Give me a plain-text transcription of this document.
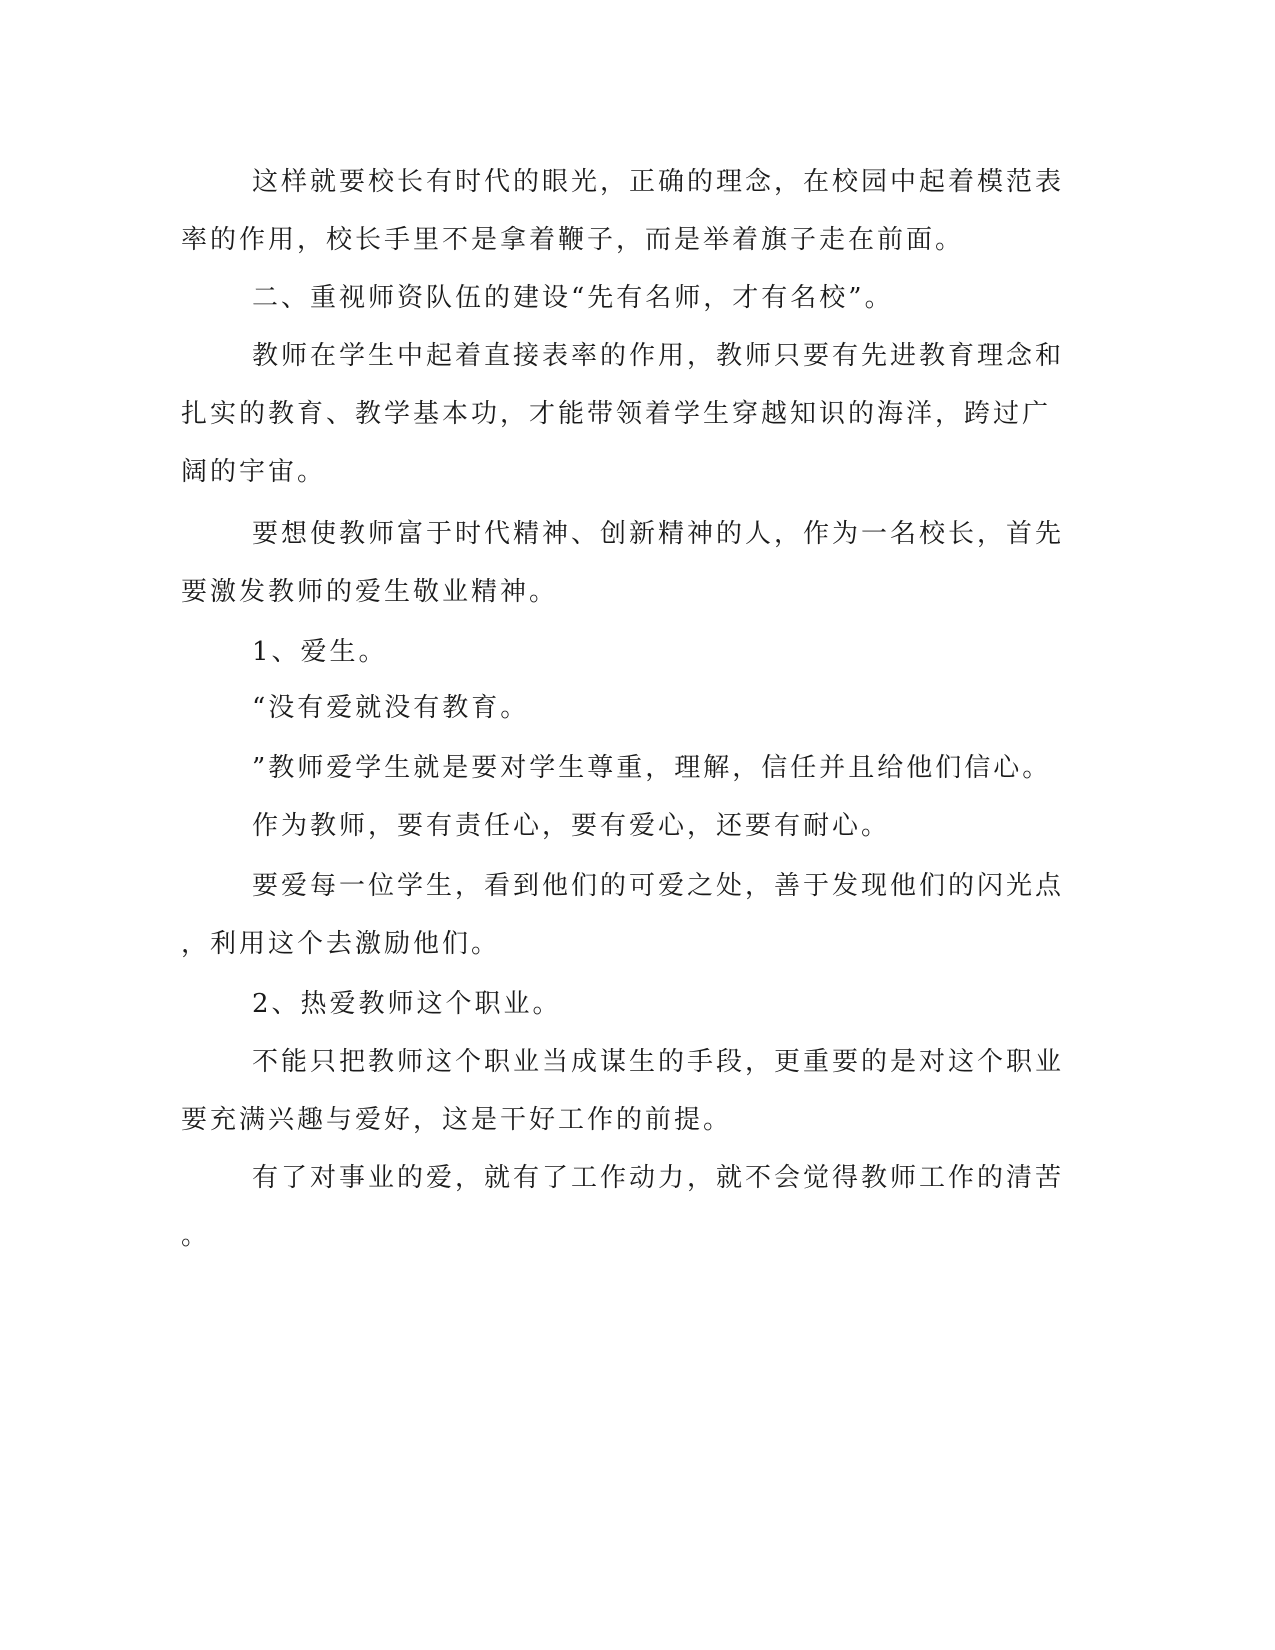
这样就要校长有时代的眼光，正确的理念，在校园中起着模范表

率的作用，校长手里不是拿着鞭子，而是举着旗子走在前面。

二、重视师资队伍的建设“先有名师，才有名校”。

教师在学生中起着直接表率的作用，教师只要有先进教育理念和

扎实的教育、教学基本功，才能带领着学生穿越知识的海洋，跨过广

阔的宇宙。

要想使教师富于时代精神、创新精神的人，作为一名校长，首先

要激发教师的爱生敬业精神。

1、爱生。

“没有爱就没有教育。

”教师爱学生就是要对学生尊重，理解，信任并且给他们信心。

作为教师，要有责任心，要有爱心，还要有耐心。

要爱每一位学生，看到他们的可爱之处，善于发现他们的闪光点

，利用这个去激励他们。

2、热爱教师这个职业。

不能只把教师这个职业当成谋生的手段，更重要的是对这个职业

要充满兴趣与爱好，这是干好工作的前提。

有了对事业的爱，就有了工作动力，就不会觉得教师工作的清苦

。
